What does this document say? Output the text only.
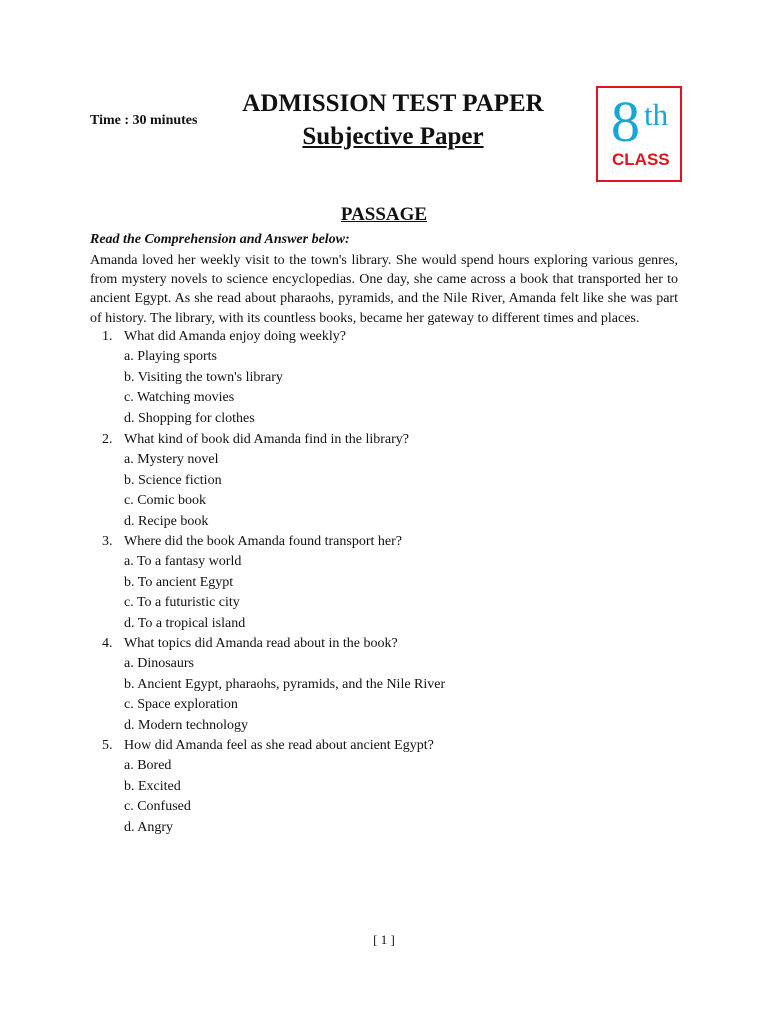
Time : 30 minutes
ADMISSION TEST PAPER
Subjective Paper	8 th
CLASS
PASSAGE
Read the Comprehension and Answer below:

Amanda loved her weekly visit to the town's library. She would spend hours exploring various genres, from mystery novels to science encyclopedias. One day, she came across a book that transported her to ancient Egypt. As she read about pharaohs, pyramids, and the Nile River, Amanda felt like she was part of history. The library, with its countless books, became her gateway to different times and places.

1. What did Amanda enjoy doing weekly?
a. Playing sports
b. Visiting the town's library
c. Watching movies
d. Shopping for clothes
2. What kind of book did Amanda find in the library?
a. Mystery novel
b. Science fiction
c. Comic book
d. Recipe book
3. Where did the book Amanda found transport her?
a. To a fantasy world
b. To ancient Egypt
c. To a futuristic city
d. To a tropical island
4. What topics did Amanda read about in the book?
a. Dinosaurs
b. Ancient Egypt, pharaohs, pyramids, and the Nile River
c. Space exploration
d. Modern technology
5. How did Amanda feel as she read about ancient Egypt?
a. Bored
b. Excited
c. Confused
d. Angry
[ 1 ]
